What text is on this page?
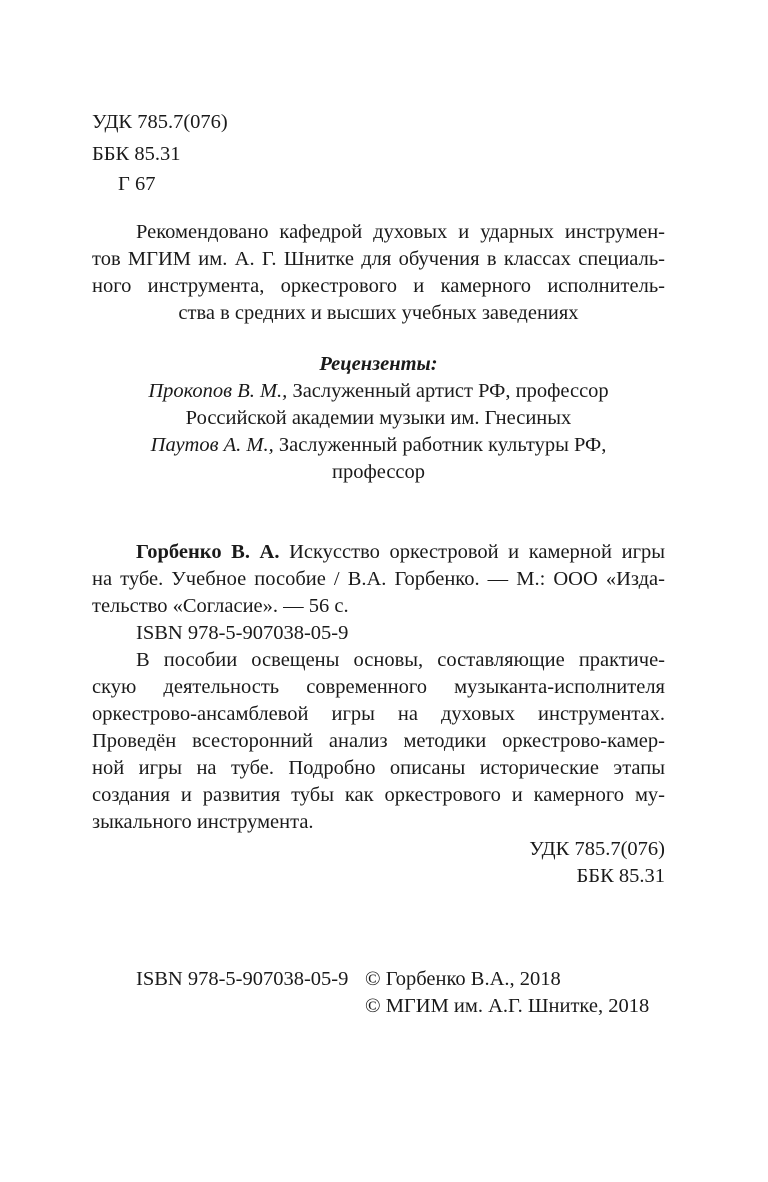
УДК 785.7(076)
ББК 85.31
Г 67
Рекомендовано кафедрой духовых и ударных инструмен-
тов МГИМ им. А. Г. Шнитке для обучения в классах специаль-
ного инструмента, оркестрового и камерного исполнитель-
ства в средних и высших учебных заведениях
Рецензенты:
Прокопов В. М., Заслуженный артист РФ, профессор
Российской академии музыки им. Гнесиных
Паутов А. М., Заслуженный работник культуры РФ,
профессор
Горбенко В. А. Искусство оркестровой и камерной игры
на тубе. Учебное пособие / В.А. Горбенко. — М.: ООО «Изда-
тельство «Согласие». — 56 с.
ISBN 978-5-907038-05-9
В пособии освещены основы, составляющие практиче-
скую деятельность современного музыканта-исполнителя
оркестрово-ансамблевой игры на духовых инструментах.
Проведён всесторонний анализ методики оркестрово-камер-
ной игры на тубе. Подробно описаны исторические этапы
создания и развития тубы как оркестрового и камерного му-
зыкального инструмента.
УДК 785.7(076)
ББК 85.31
ISBN 978-5-907038-05-9 © Горбенко В.А., 2018
© МГИМ им. А.Г. Шнитке, 2018
